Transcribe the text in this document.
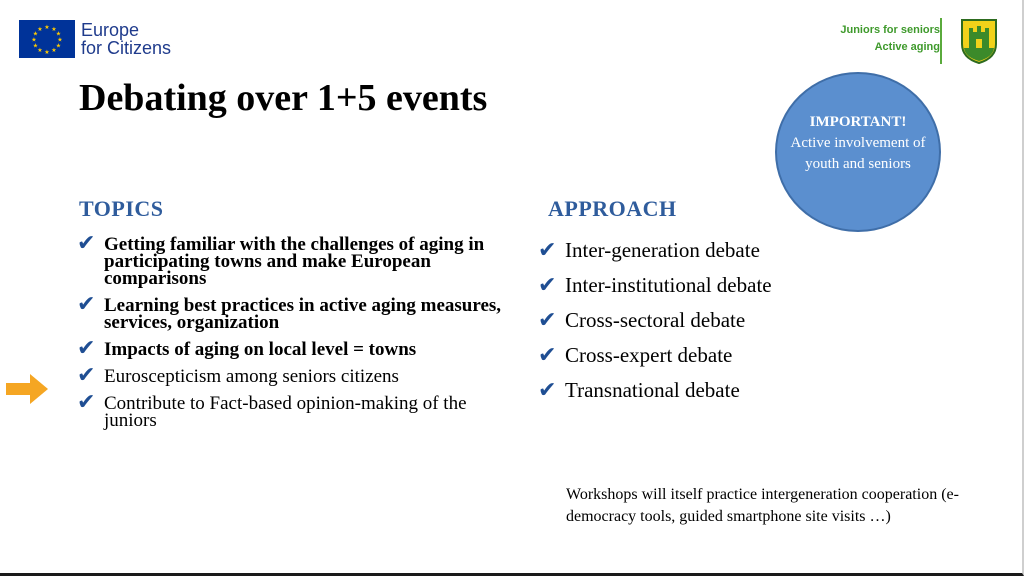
★ ★
★
★
★
★
★
★
★
★
★
★ Europe
for Citizens
Juniors for seniors
Active aging
Debating over 1+5 events
IMPORTANT!
Active involvement of youth and seniors
TOPICS
✔ Getting familiar with the challenges of aging in participating towns and make European comparisons
✔ Learning best practices in active aging measures, services, organization
✔ Impacts of aging on local level = towns
✔ Euroscepticism among seniors citizens
✔ Contribute to Fact-based opinion-making of the juniors
APPROACH
✔ Inter-generation debate
✔ Inter-institutional debate
✔ Cross-sectoral debate
✔ Cross-expert debate
✔ Transnational debate
Workshops will itself practice intergeneration cooperation (e-democracy tools, guided smartphone site visits …)
